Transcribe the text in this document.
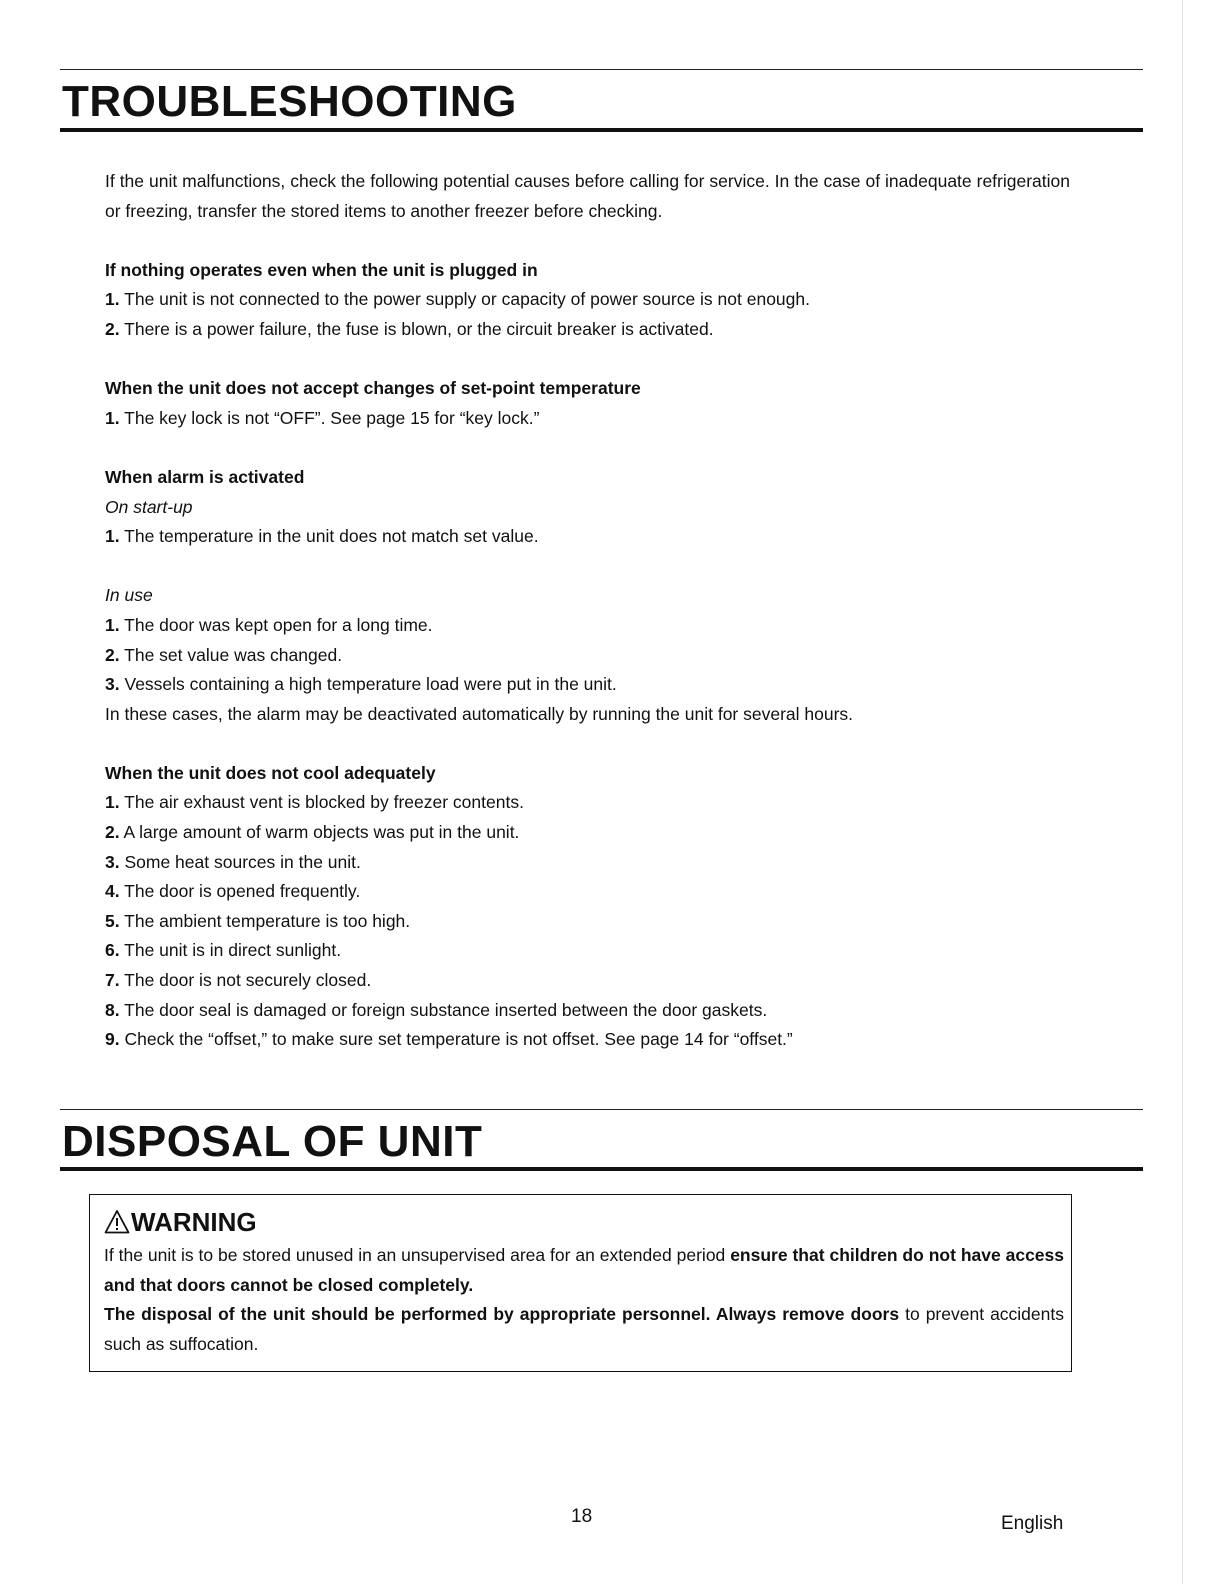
TROUBLESHOOTING

If the unit malfunctions, check the following potential causes before calling for service. In the case of inadequate refrigeration or freezing, transfer the stored items to another freezer before checking.

If nothing operates even when the unit is plugged in

1. The unit is not connected to the power supply or capacity of power source is not enough.

2. There is a power failure, the fuse is blown, or the circuit breaker is activated.

When the unit does not accept changes of set-point temperature

1. The key lock is not “OFF”. See page 15 for “key lock.”

When alarm is activated

On start-up

1. The temperature in the unit does not match set value.

In use

1. The door was kept open for a long time.

2. The set value was changed.

3. Vessels containing a high temperature load were put in the unit.

In these cases, the alarm may be deactivated automatically by running the unit for several hours.

When the unit does not cool adequately

1. The air exhaust vent is blocked by freezer contents.

2. A large amount of warm objects was put in the unit.

3. Some heat sources in the unit.

4. The door is opened frequently.

5. The ambient temperature is too high.

6. The unit is in direct sunlight.

7. The door is not securely closed.

8. The door seal is damaged or foreign substance inserted between the door gaskets.

9. Check the “offset,” to make sure set temperature is not offset. See page 14 for “offset.”

DISPOSAL OF UNIT
WARNING

If the unit is to be stored unused in an unsupervised area for an extended period ensure that children do not have access and that doors cannot be closed completely.

The disposal of the unit should be performed by appropriate personnel. Always remove doors to prevent accidents such as suffocation.

18	English
